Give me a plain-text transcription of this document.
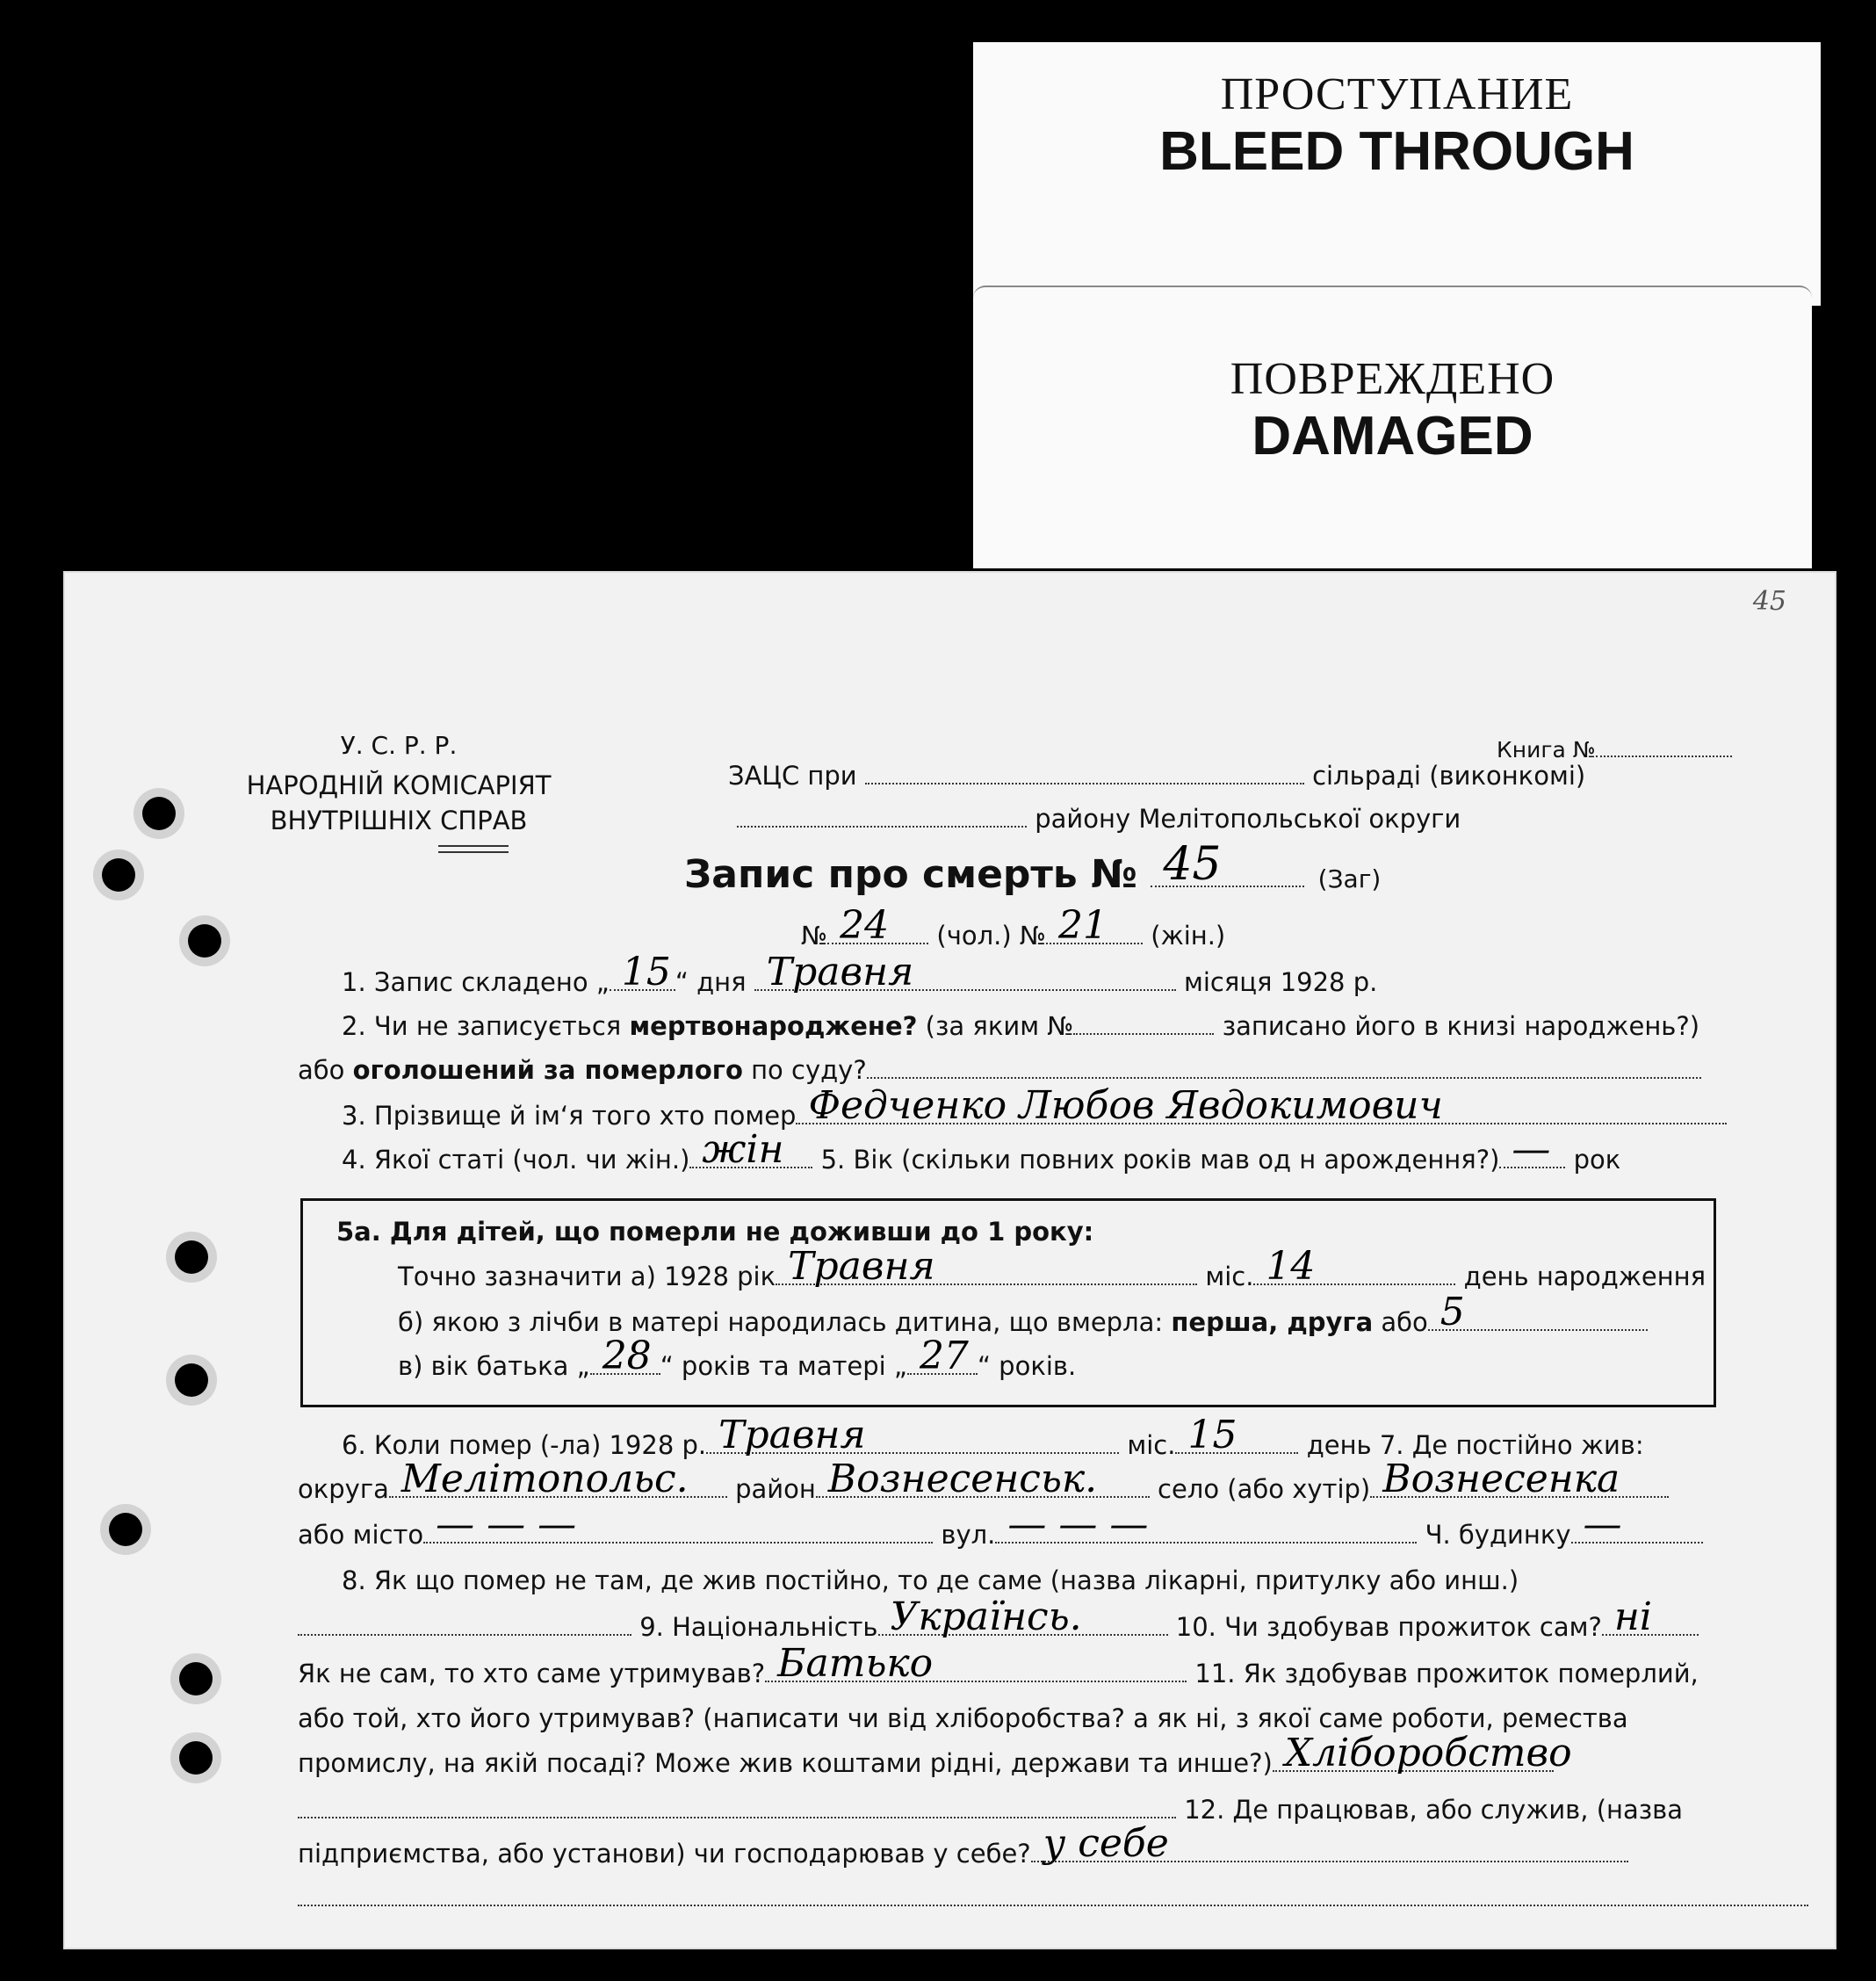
ПРОСТУПАНИЕ
BLEED THROUGH
ПОВРЕЖДЕНО
DAMAGED
45
У. С. Р. Р.
НАРОДНІЙ КОМІСАРІЯТ
ВНУТРІШНІХ СПРАВ
Книга №
ЗАЦС при	сільраді (виконкомі)
району Мелітопольської округи
Запис про смерть № 45	(Заг)
№ 24 (чол.) № 21 (жін.)
1. Запис складено „ 15 “ дня Травня	місяця 1928 р.
2. Чи не записується мертвонароджене? (за яким №	записано його в книзі народжень?)
або оголошений за померлого по суду?
3. Прізвище й ім‘я того хто помер Федченко Любов Явдокимович
4. Якої статі (чол. чи жін.) жін 5. Вік (скільки повних років мав од н арождення?) — рок
5а. Для дітей, що померли не доживши до 1 року:
Точно зазначити а) 1928 рік Травня	міс. 14	день народження
б) якою з лічби в матері народилась дитина, що вмерла: перша, друга або 5
в) вік батька „ 28 “ років та матері „ 27 “ років.
6. Коли помер (-ла) 1928 р. Травня	міс. 15	день 7. Де постійно жив:
округа Мелітопольс. район Вознесенськ. село (або хутір) Вознесенка
або місто — — —	вул. — — —	Ч. будинку —
8. Як що помер не там, де жив постійно, то де саме (назва лікарні, притулку або инш.)
9. Національність Українсь.	10. Чи здобував прожиток сам? ні
Як не сам, то хто саме утримував? Батько	11. Як здобував прожиток померлий,
або той, хто його утримував? (написати чи від хліборобства? а як ні, з якої саме роботи, ремества
промислу, на якій посаді? Може жив коштами рідні, держави та инше?) Хліборобство
12. Де працював, або служив, (назва
підприємства, або установи) чи господарював у себе? у себе
